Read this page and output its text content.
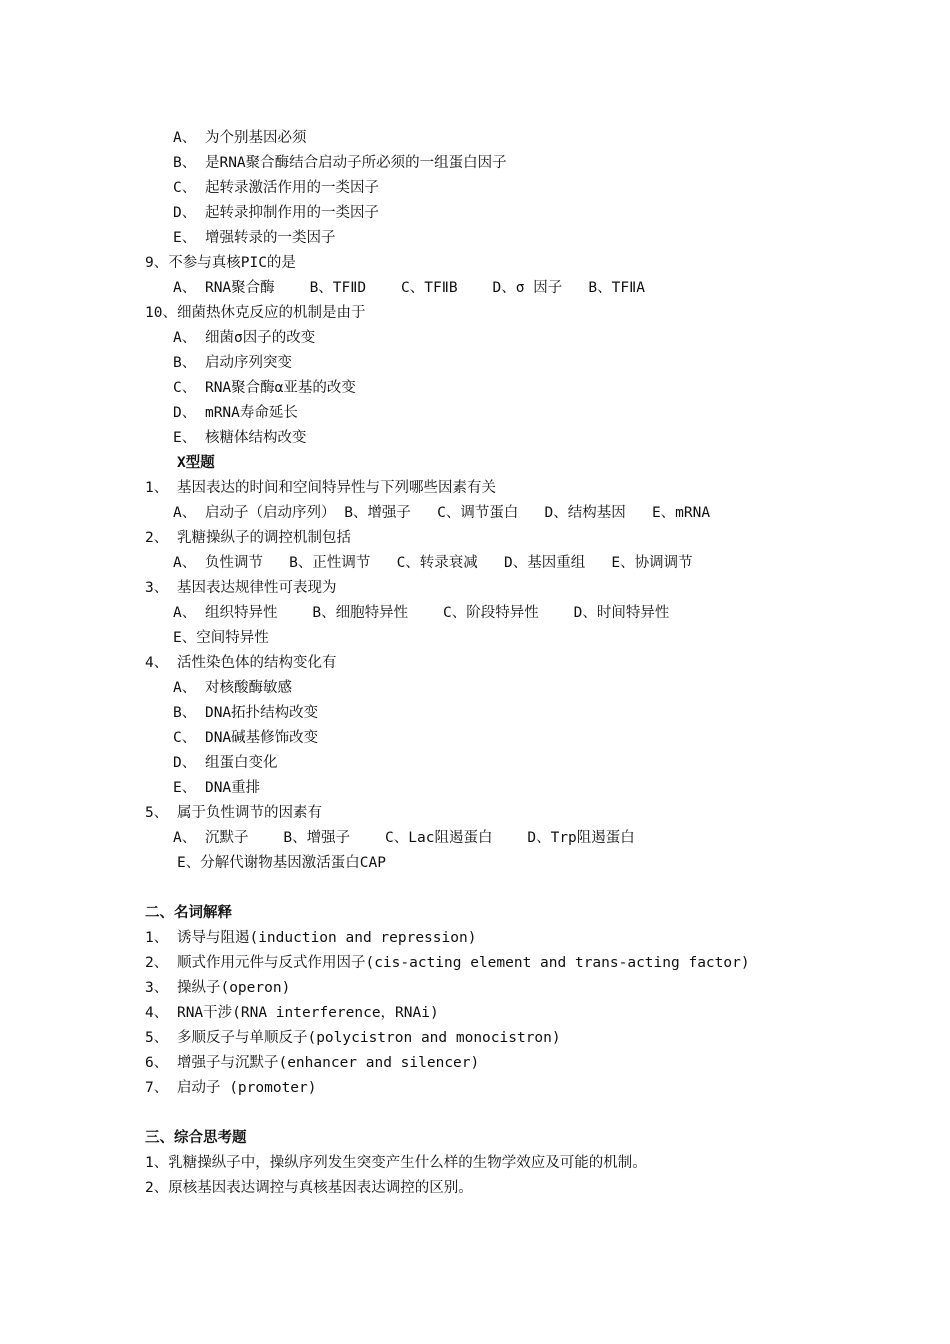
A、 为个别基因必须
B、 是RNA聚合酶结合启动子所必须的一组蛋白因子
C、 起转录激活作用的一类因子
D、 起转录抑制作用的一类因子
E、 增强转录的一类因子
9、不参与真核PIC的是
A、 RNA聚合酶    B、TFⅡD    C、TFⅡB    D、σ 因子   B、TFⅡA
10、细菌热休克反应的机制是由于
A、 细菌σ因子的改变
B、 启动序列突变
C、 RNA聚合酶α亚基的改变
D、 mRNA寿命延长
E、 核糖体结构改变
X型题
1、 基因表达的时间和空间特异性与下列哪些因素有关
A、 启动子（启动序列） B、增强子   C、调节蛋白   D、结构基因   E、mRNA
2、 乳糖操纵子的调控机制包括
A、 负性调节   B、正性调节   C、转录衰减   D、基因重组   E、协调调节
3、 基因表达规律性可表现为
A、 组织特异性    B、细胞特异性    C、阶段特异性    D、时间特异性
E、空间特异性
4、 活性染色体的结构变化有
A、 对核酸酶敏感
B、 DNA拓扑结构改变
C、 DNA碱基修饰改变
D、 组蛋白变化
E、 DNA重排
5、 属于负性调节的因素有
A、 沉默子    B、增强子    C、Lac阻遏蛋白    D、Trp阻遏蛋白
E、分解代谢物基因激活蛋白CAP
二、名词解释
1、 诱导与阻遏(induction and repression)
2、 顺式作用元件与反式作用因子(cis-acting element and trans-acting factor)
3、 操纵子(operon)
4、 RNA干涉(RNA interference，RNAi)
5、 多顺反子与单顺反子(polycistron and monocistron)
6、 增强子与沉默子(enhancer and silencer)
7、 启动子 (promoter)
三、综合思考题
1、乳糖操纵子中，操纵序列发生突变产生什么样的生物学效应及可能的机制。
2、原核基因表达调控与真核基因表达调控的区别。
